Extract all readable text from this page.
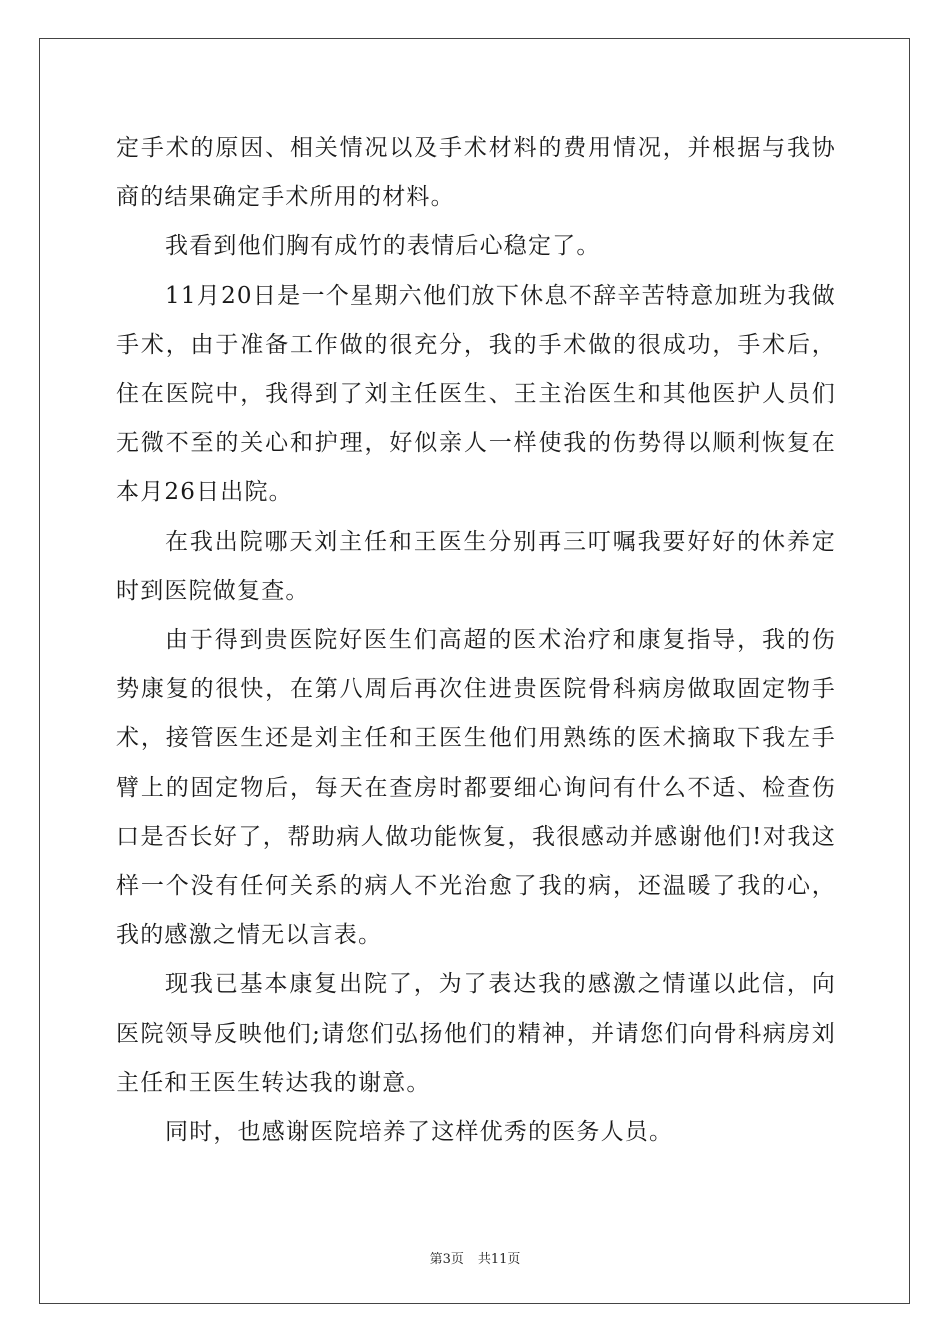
定手术的原因、相关情况以及手术材料的费用情况，并根据与我协商的结果确定手术所用的材料。

我看到他们胸有成竹的表情后心稳定了。

11月20日是一个星期六他们放下休息不辞辛苦特意加班为我做手术，由于准备工作做的很充分，我的手术做的很成功，手术后，住在医院中，我得到了刘主任医生、王主治医生和其他医护人员们无微不至的关心和护理，好似亲人一样使我的伤势得以顺利恢复在本月26日出院。

在我出院哪天刘主任和王医生分别再三叮嘱我要好好的休养定时到医院做复查。

由于得到贵医院好医生们高超的医术治疗和康复指导，我的伤势康复的很快，在第八周后再次住进贵医院骨科病房做取固定物手术，接管医生还是刘主任和王医生他们用熟练的医术摘取下我左手臂上的固定物后，每天在查房时都要细心询问有什么不适、检查伤口是否长好了，帮助病人做功能恢复，我很感动并感谢他们!对我这样一个没有任何关系的病人不光治愈了我的病，还温暖了我的心，我的感激之情无以言表。

现我已基本康复出院了，为了表达我的感激之情谨以此信，向医院领导反映他们;请您们弘扬他们的精神，并请您们向骨科病房刘主任和王医生转达我的谢意。

同时，也感谢医院培养了这样优秀的医务人员。

第3页 共11页
